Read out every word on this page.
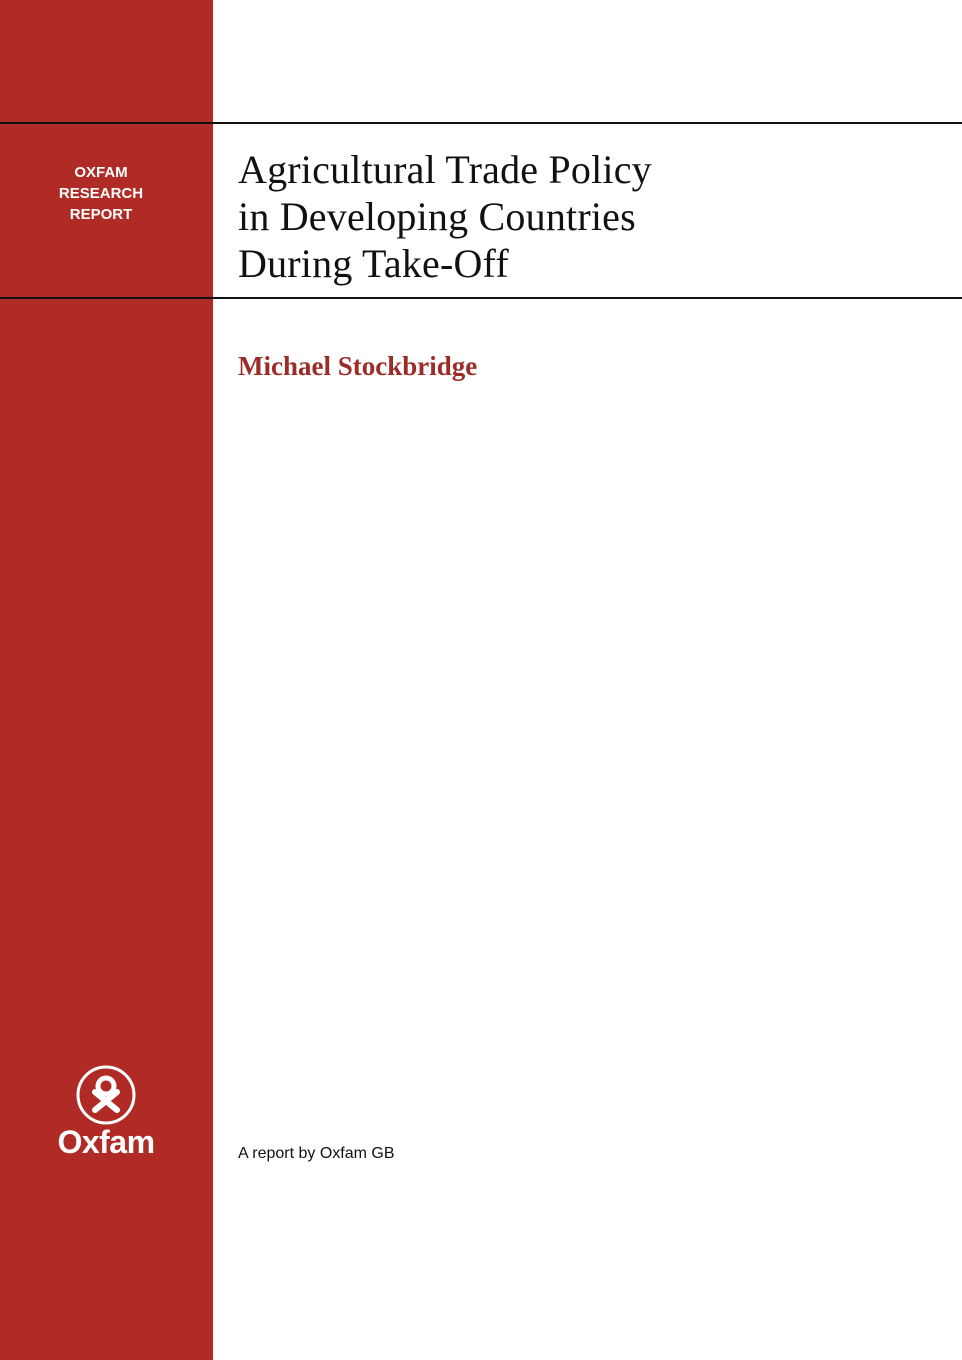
OXFAM
RESEARCH
REPORT
Agricultural Trade Policy
in Developing Countries
During Take-Off
Michael Stockbridge
A report by Oxfam GB
Oxfam
